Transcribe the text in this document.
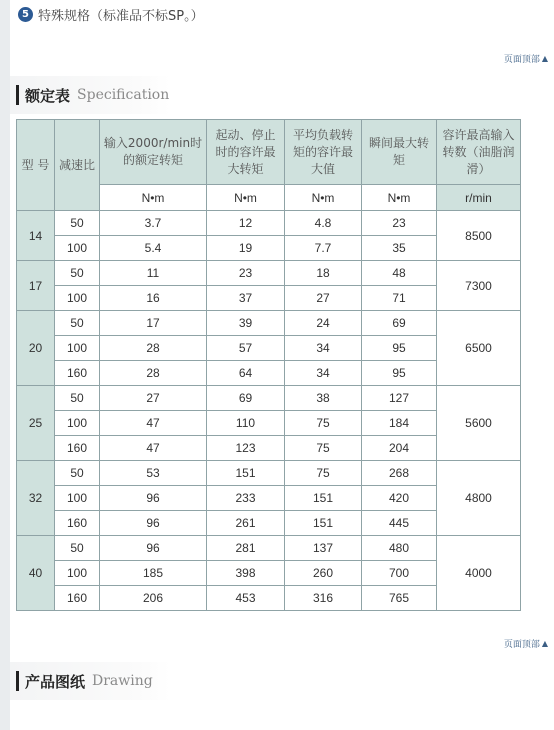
5 特殊规格（标准品不标SP。）
页面顶部 ▲
额定表 Specification
型 号	减速比	输入2000r/min时的额定转矩	起动、停止时的容许最大转矩	平均负载转矩的容许最大值	瞬间最大转矩	容许最高输入转数（油脂润滑）
		N•m	N•m	N•m	N•m	r/min
14	50	3.7	12	4.8	23	8500
	100	5.4	19	7.7	35	
17	50	11	23	18	48	7300
	100	16	37	27	71	
20	50	17	39	24	69	6500
	100	28	57	34	95	
	160	28	64	34	95	
25	50	27	69	38	127	5600
	100	47	110	75	184	
	160	47	123	75	204	
32	50	53	151	75	268	4800
	100	96	233	151	420	
	160	96	261	151	445	
40	50	96	281	137	480	4000
	100	185	398	260	700	
	160	206	453	316	765	
页面顶部 ▲
产品图纸 Drawing
